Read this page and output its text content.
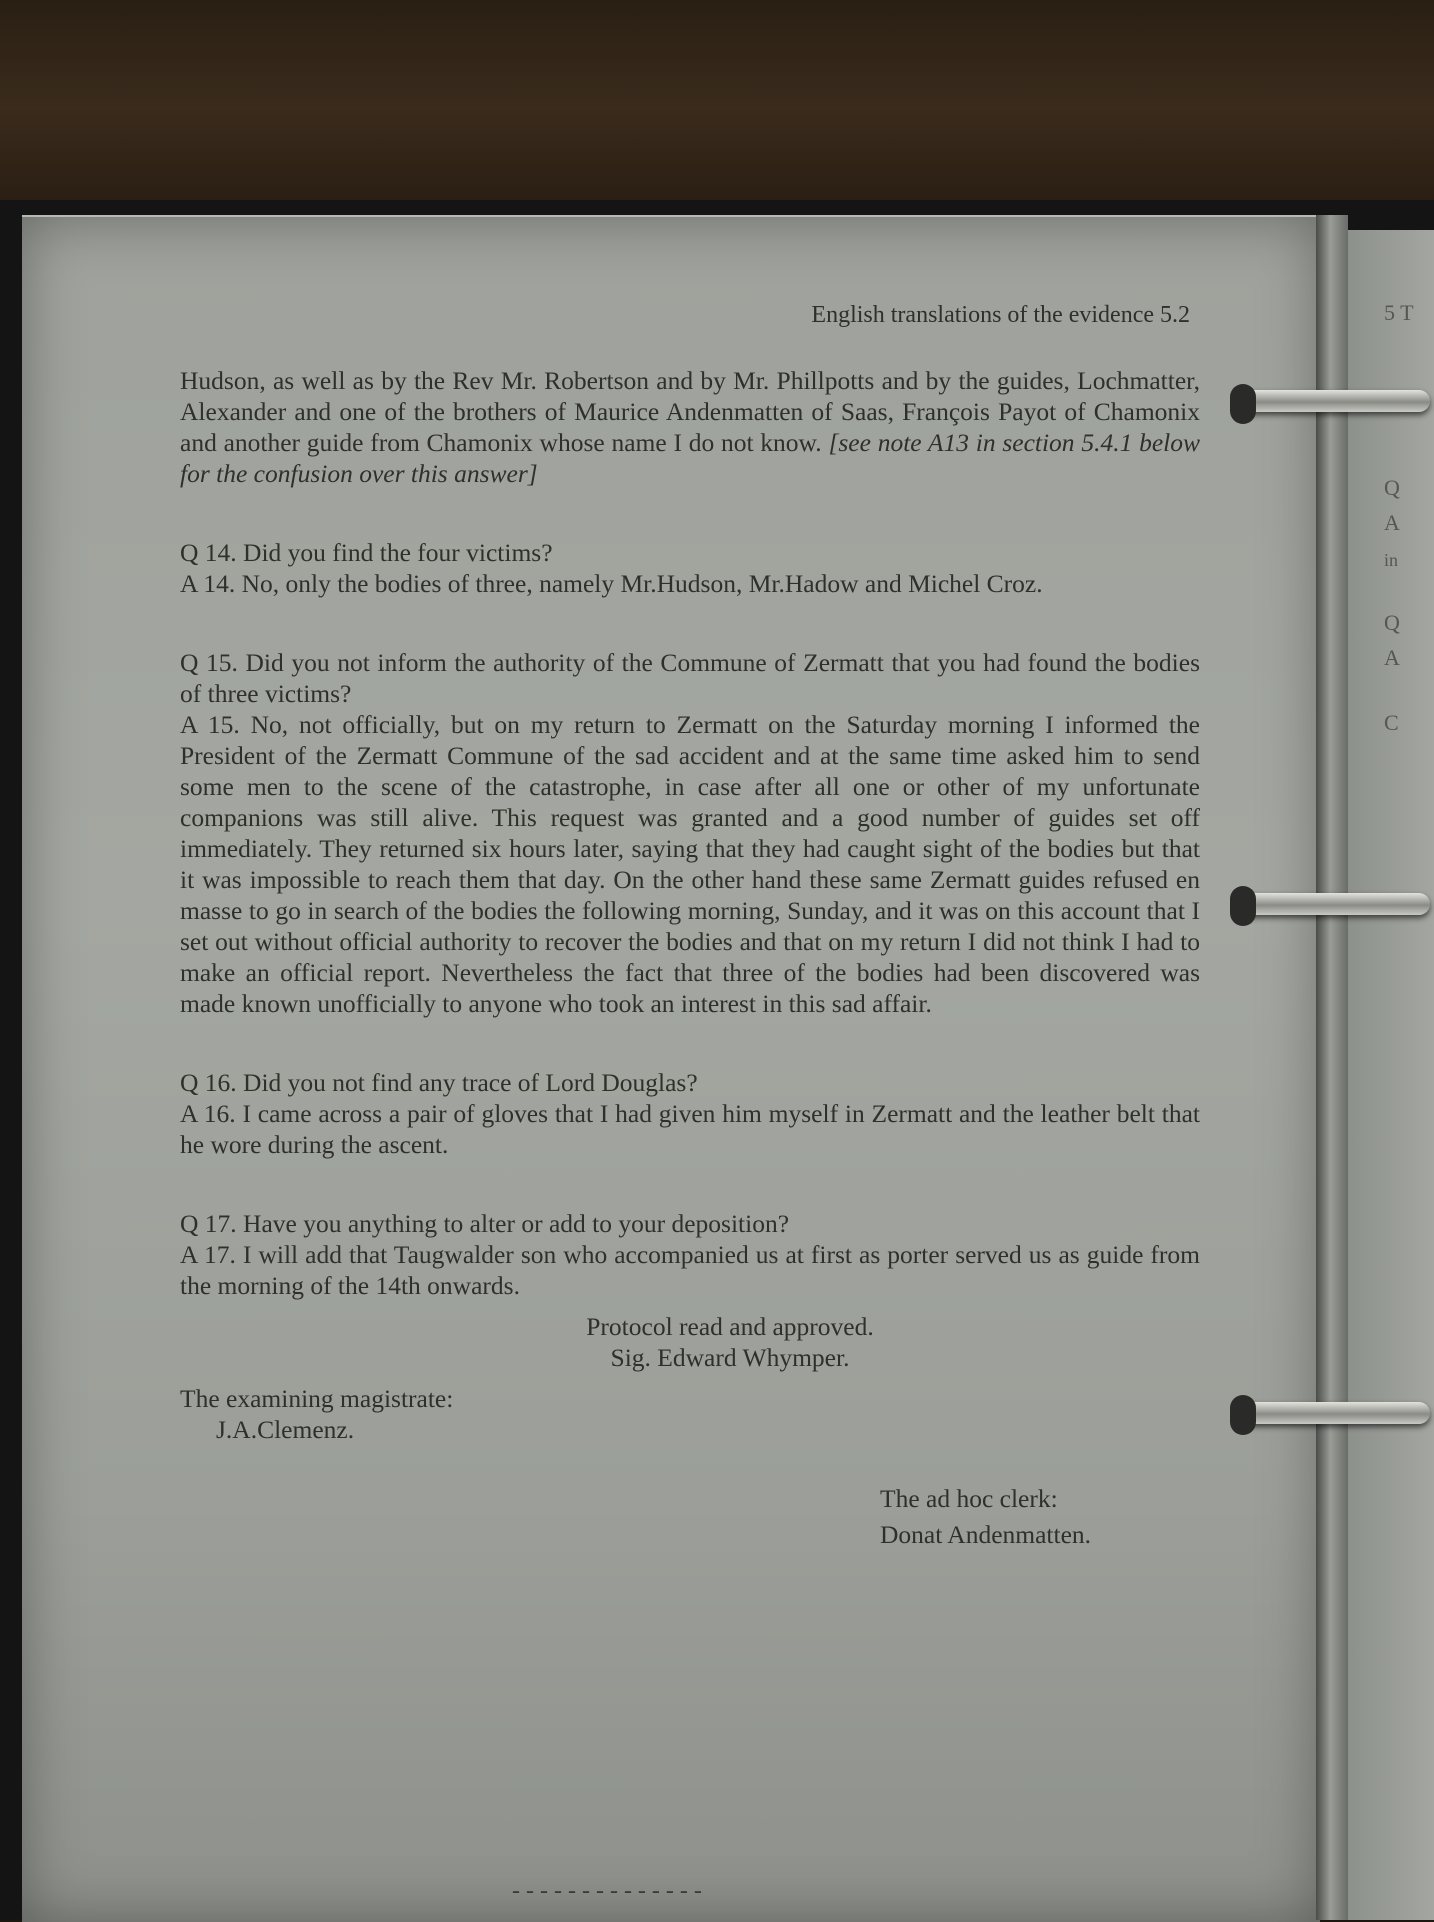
5 T
Q
A
in
Q
A
C
English translations of the evidence 5.2

Hudson, as well as by the Rev Mr. Robertson and by Mr. Phillpotts and by the guides, Lochmatter, Alexander and one of the brothers of Maurice Andenmatten of Saas, François Payot of Chamonix and another guide from Chamonix whose name I do not know. [see note A13 in section 5.4.1 below for the confusion over this answer]

Q 14. Did you find the four victims?

A 14. No, only the bodies of three, namely Mr.Hudson, Mr.Hadow and Michel Croz.

Q 15. Did you not inform the authority of the Commune of Zermatt that you had found the bodies of three victims?

A 15. No, not officially, but on my return to Zermatt on the Saturday morning I informed the President of the Zermatt Commune of the sad accident and at the same time asked him to send some men to the scene of the catastrophe, in case after all one or other of my unfortunate companions was still alive. This request was granted and a good number of guides set off immediately. They returned six hours later, saying that they had caught sight of the bodies but that it was impossible to reach them that day. On the other hand these same Zermatt guides refused en masse to go in search of the bodies the following morning, Sunday, and it was on this account that I set out without official authority to recover the bodies and that on my return I did not think I had to make an official report. Nevertheless the fact that three of the bodies had been discovered was made known unofficially to anyone who took an interest in this sad affair.

Q 16. Did you not find any trace of Lord Douglas?

A 16. I came across a pair of gloves that I had given him myself in Zermatt and the leather belt that he wore during the ascent.

Q 17. Have you anything to alter or add to your deposition?

A 17. I will add that Taugwalder son who accompanied us at first as porter served us as guide from the morning of the 14th onwards.

Protocol read and approved.

Sig. Edward Whymper.

The examining magistrate:
J.A.Clemenz.
The ad hoc clerk:
Donat Andenmatten.
--------------
